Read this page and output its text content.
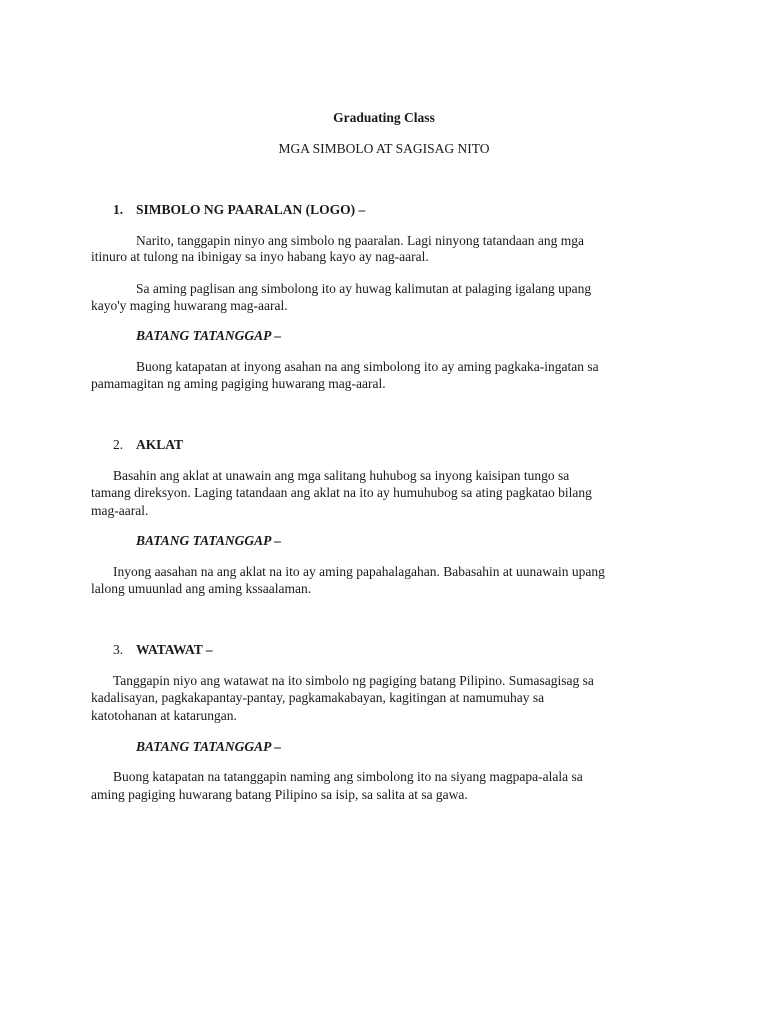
Graduating Class
MGA SIMBOLO AT SAGISAG NITO
1. SIMBOLO NG PAARALAN (LOGO) –
Narito, tanggapin ninyo ang simbolo ng paaralan. Lagi ninyong tatandaan ang mga
itinuro at tulong na ibinigay sa inyo habang kayo ay nag-aaral.
Sa aming paglisan ang simbolong ito ay huwag kalimutan at palaging igalang upang
kayo'y maging huwarang mag-aaral.
BATANG TATANGGAP –
Buong katapatan at inyong asahan na ang simbolong ito ay aming pagkaka-ingatan sa
pamamagitan ng aming pagiging huwarang mag-aaral.
2. AKLAT
Basahin ang aklat at unawain ang mga salitang huhubog sa inyong kaisipan tungo sa
tamang direksyon. Laging tatandaan ang aklat na ito ay humuhubog sa ating pagkatao bilang
mag-aaral.
BATANG TATANGGAP –
Inyong aasahan na ang aklat na ito ay aming papahalagahan. Babasahin at uunawain upang
lalong umuunlad ang aming kssaalaman.
3. WATAWAT –
Tanggapin niyo ang watawat na ito simbolo ng pagiging batang Pilipino. Sumasagisag sa
kadalisayan, pagkakapantay-pantay, pagkamakabayan, kagitingan at namumuhay sa
katotohanan at katarungan.
BATANG TATANGGAP –
Buong katapatan na tatanggapin naming ang simbolong ito na siyang magpapa-alala sa
aming pagiging huwarang batang Pilipino sa isip, sa salita at sa gawa.
